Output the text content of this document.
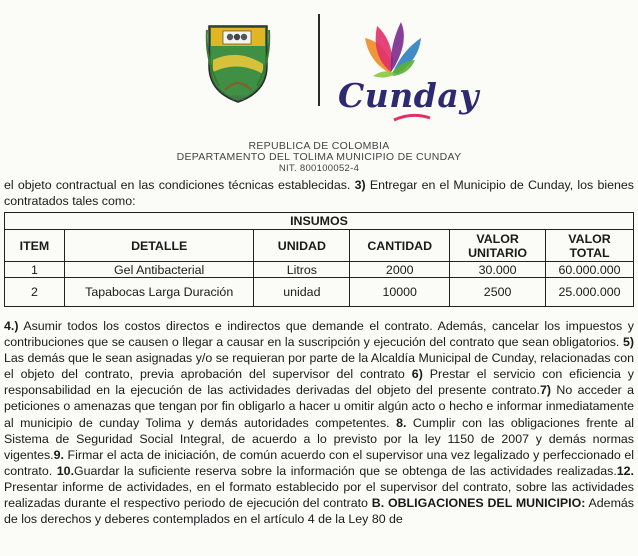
1881	Cunday
REPUBLICA DE COLOMBIA
DEPARTAMENTO DEL TOLIMA MUNICIPIO DE CUNDAY
NIT. 800100052-4

el objeto contractual en las condiciones técnicas establecidas. 3) Entregar en el Municipio de Cunday, los bienes contratados tales como:

INSUMOS					
ITEM	DETALLE	UNIDAD	CANTIDAD	VALOR UNITARIO	VALOR TOTAL
1	Gel Antibacterial	Litros	2000	30.000	60.000.000
2	Tapabocas Larga Duración	unidad	10000	2500	25.000.000

4.) Asumir todos los costos directos e indirectos que demande el contrato. Además, cancelar los impuestos y contribuciones que se causen o llegar a causar en la suscripción y ejecución del contrato que sean obligatorios. 5) Las demás que le sean asignadas y/o se requieran por parte de la Alcaldía Municipal de Cunday, relacionadas con el objeto del contrato, previa aprobación del supervisor del contrato 6) Prestar el servicio con eficiencia y responsabilidad en la ejecución de las actividades derivadas del objeto del presente contrato.7) No acceder a peticiones o amenazas que tengan por fin obligarlo a hacer u omitir algún acto o hecho e informar inmediatamente al municipio de cunday Tolima y demás autoridades competentes. 8. Cumplir con las obligaciones frente al Sistema de Seguridad Social Integral, de acuerdo a lo previsto por la ley 1150 de 2007 y demás normas vigentes.9. Firmar el acta de iniciación, de común acuerdo con el supervisor una vez legalizado y perfeccionado el contrato. 10.Guardar la suficiente reserva sobre la información que se obtenga de las actividades realizadas.12. Presentar informe de actividades, en el formato establecido por el supervisor del contrato, sobre las actividades realizadas durante el respectivo periodo de ejecución del contrato B. OBLIGACIONES DEL MUNICIPIO: Además de los derechos y deberes contemplados en el artículo 4 de la Ley 80 de
